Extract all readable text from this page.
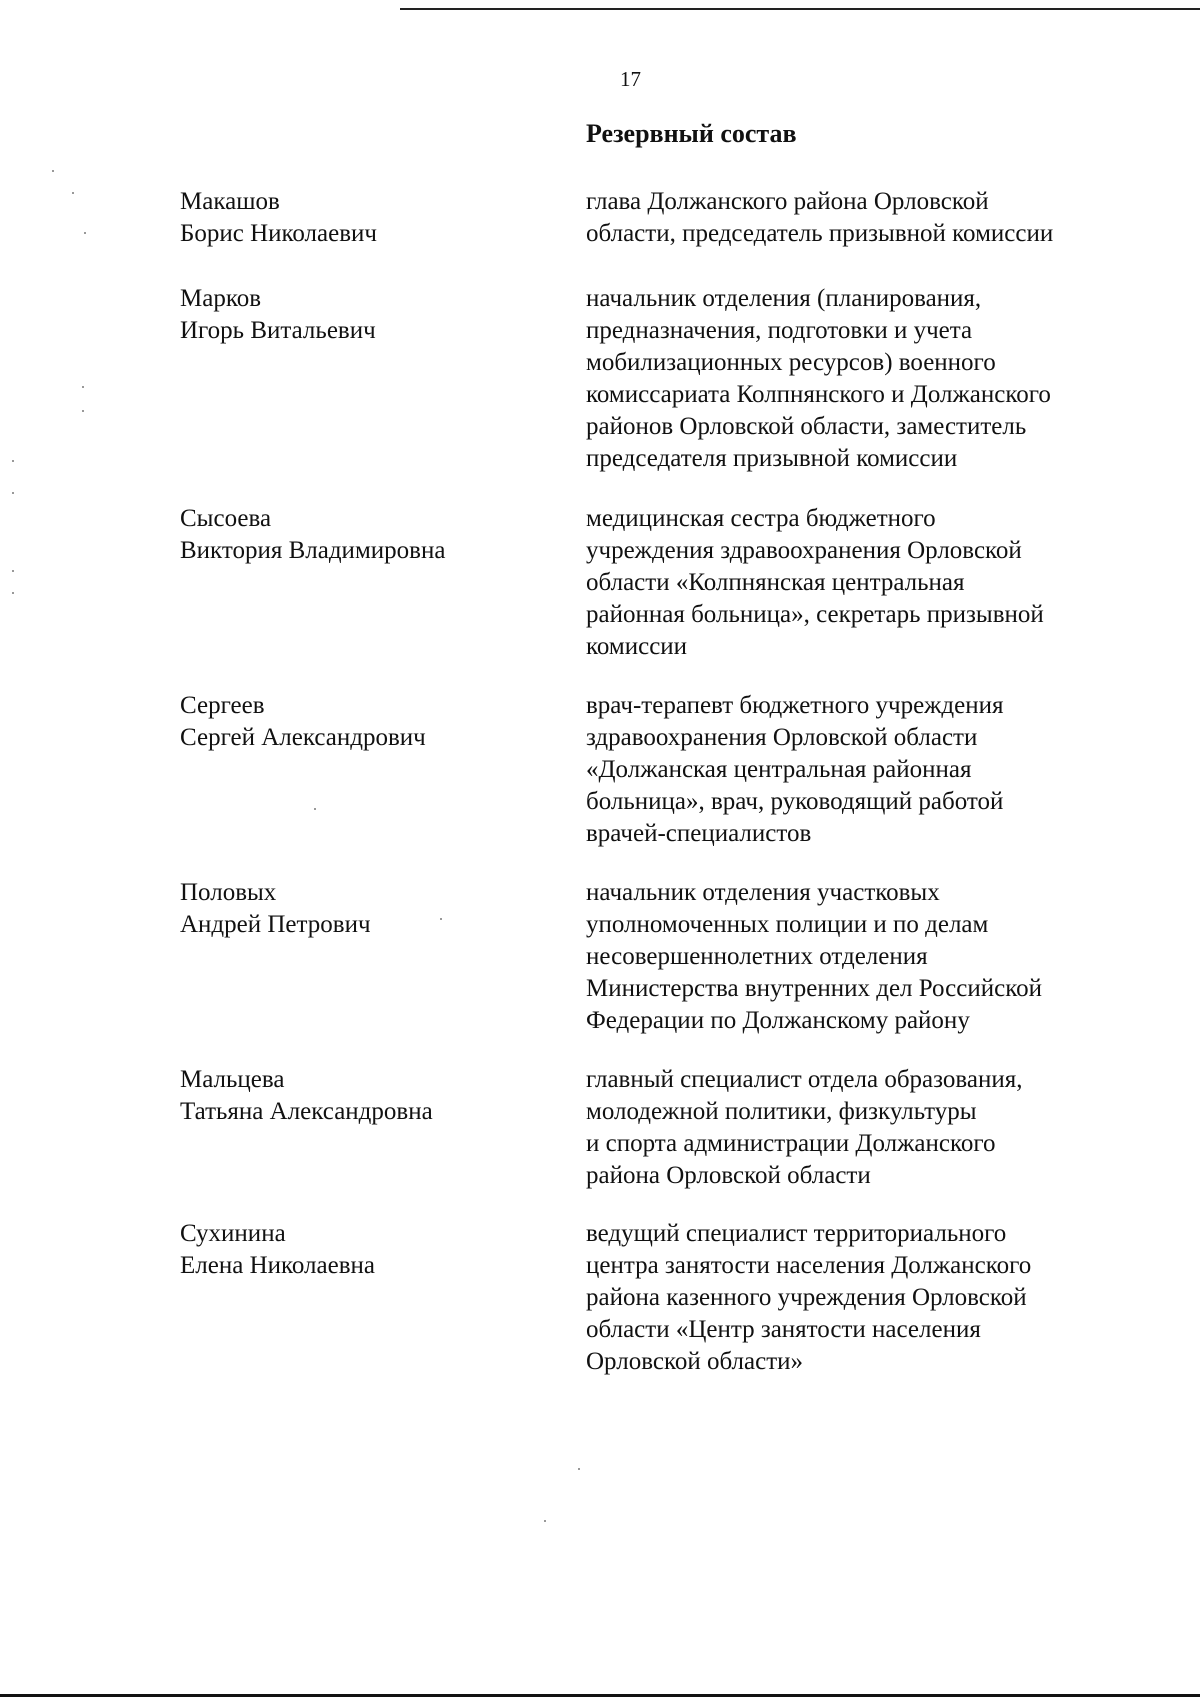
17
Резервный состав
Макашов
Борис Николаевич
глава Должанского района Орловской
области, председатель призывной комиссии
Марков
Игорь Витальевич
начальник отделения (планирования,
предназначения, подготовки и учета
мобилизационных ресурсов) военного
комиссариата Колпнянского и Должанского
районов Орловской области, заместитель
председателя призывной комиссии
Сысоева
Виктория Владимировна
медицинская сестра бюджетного
учреждения здравоохранения Орловской
области «Колпнянская центральная
районная больница», секретарь призывной
комиссии
Сергеев
Сергей Александрович
врач-терапевт бюджетного учреждения
здравоохранения Орловской области
«Должанская центральная районная
больница», врач, руководящий работой
врачей-специалистов
Половых
Андрей Петрович
начальник отделения участковых
уполномоченных полиции и по делам
несовершеннолетних отделения
Министерства внутренних дел Российской
Федерации по Должанскому району
Мальцева
Татьяна Александровна
главный специалист отдела образования,
молодежной политики, физкультуры
и спорта администрации Должанского
района Орловской области
Сухинина
Елена Николаевна
ведущий специалист территориального
центра занятости населения Должанского
района казенного учреждения Орловской
области «Центр занятости населения
Орловской области»
